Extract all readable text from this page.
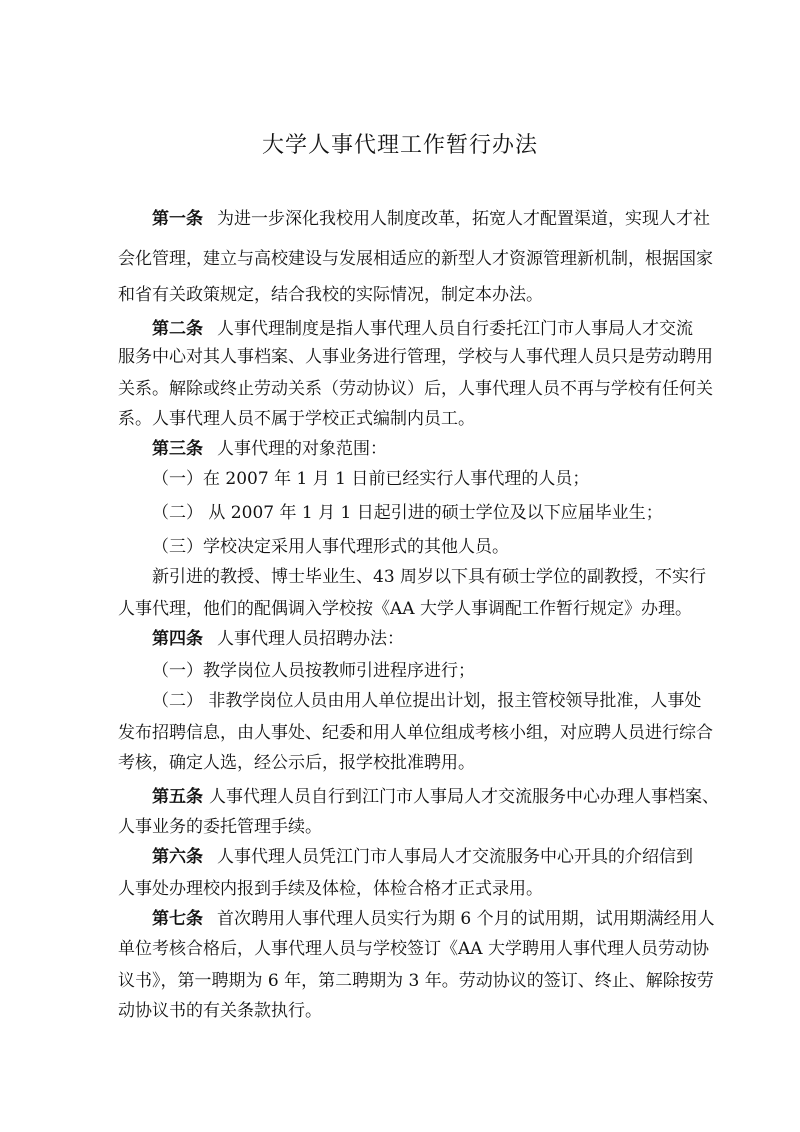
大学人事代理工作暂行办法
第一条 为进一步深化我校用人制度改革，拓宽人才配置渠道，实现人才社
会化管理，建立与高校建设与发展相适应的新型人才资源管理新机制，根据国家
和省有关政策规定，结合我校的实际情况，制定本办法。
第二条 人事代理制度是指人事代理人员自行委托江门市人事局人才交流
服务中心对其人事档案、人事业务进行管理，学校与人事代理人员只是劳动聘用
关系。解除或终止劳动关系（劳动协议）后，人事代理人员不再与学校有任何关
系。人事代理人员不属于学校正式编制内员工。
第三条 人事代理的对象范围：
（一）在 2007 年 1 月 1 日前已经实行人事代理的人员；
（二） 从 2007 年 1 月 1 日起引进的硕士学位及以下应届毕业生；
（三）学校决定采用人事代理形式的其他人员。
新引进的教授、博士毕业生、43 周岁以下具有硕士学位的副教授，不实行
人事代理，他们的配偶调入学校按《AA 大学人事调配工作暂行规定》办理。
第四条 人事代理人员招聘办法：
（一）教学岗位人员按教师引进程序进行；
（二） 非教学岗位人员由用人单位提出计划，报主管校领导批准，人事处
发布招聘信息，由人事处、纪委和用人单位组成考核小组，对应聘人员进行综合
考核，确定人选，经公示后，报学校批准聘用。
第五条 人事代理人员自行到江门市人事局人才交流服务中心办理人事档案、
人事业务的委托管理手续。
第六条 人事代理人员凭江门市人事局人才交流服务中心开具的介绍信到
人事处办理校内报到手续及体检，体检合格才正式录用。
第七条 首次聘用人事代理人员实行为期 6 个月的试用期，试用期满经用人
单位考核合格后，人事代理人员与学校签订《AA 大学聘用人事代理人员劳动协
议书》，第一聘期为 6 年，第二聘期为 3 年。劳动协议的签订、终止、解除按劳
动协议书的有关条款执行。
